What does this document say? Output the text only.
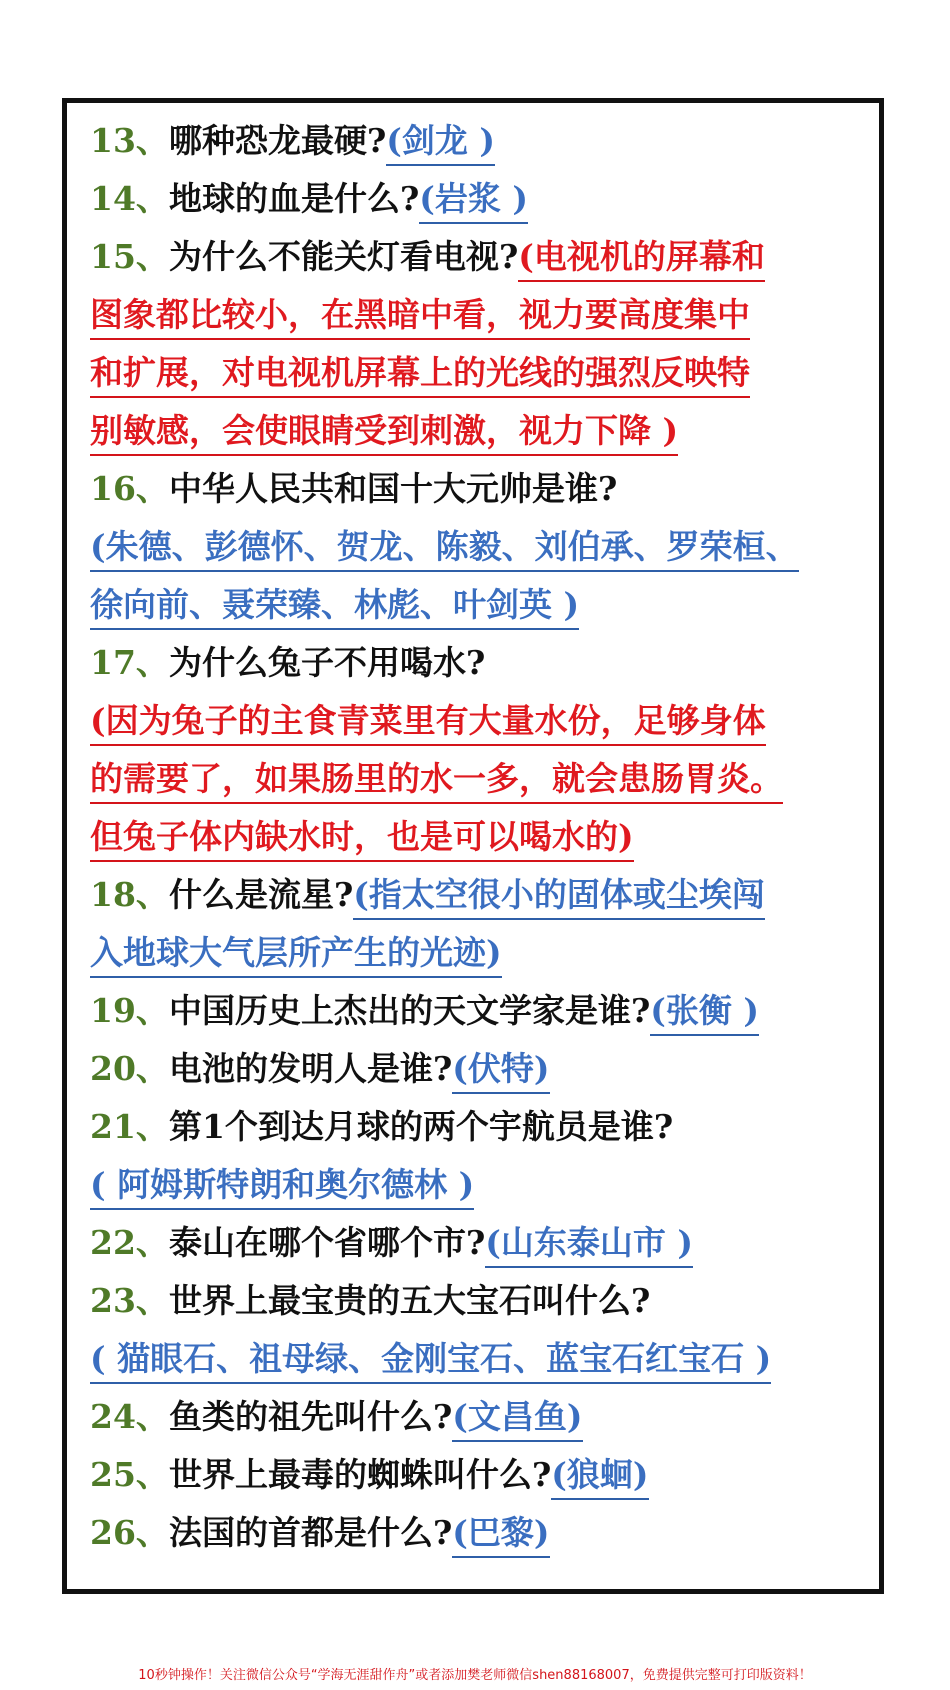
13、哪种恐龙最硬?(剑龙 )
14、地球的血是什么?(岩浆 )
15、为什么不能关灯看电视?(电视机的屏幕和
图象都比较小，在黑暗中看，视力要高度集中
和扩展，对电视机屏幕上的光线的强烈反映特
别敏感，会使眼睛受到刺激，视力下降 )
16、中华人民共和国十大元帅是谁?
(朱德、彭德怀、贺龙、陈毅、刘伯承、罗荣桓、
徐向前、聂荣臻、林彪、叶剑英 )
17、为什么兔子不用喝水?
(因为兔子的主食青菜里有大量水份，足够身体
的需要了，如果肠里的水一多，就会患肠胃炎。
但兔子体内缺水时，也是可以喝水的)
18、什么是流星?(指太空很小的固体或尘埃闯
入地球大气层所产生的光迹)
19、中国历史上杰出的天文学家是谁?(张衡 )
20、电池的发明人是谁?(伏特)
21、第1个到达月球的两个宇航员是谁?
( 阿姆斯特朗和奥尔德林 )
22、泰山在哪个省哪个市?(山东泰山市 )
23、世界上最宝贵的五大宝石叫什么?
( 猫眼石、祖母绿、金刚宝石、蓝宝石红宝石 )
24、鱼类的祖先叫什么?(文昌鱼)
25、世界上最毒的蜘蛛叫什么?(狼蛔)
26、法国的首都是什么?(巴黎)
10秒钟操作！关注微信公众号“学海无涯甜作舟”或者添加樊老师微信shen88168007，免费提供完整可打印版资料！
